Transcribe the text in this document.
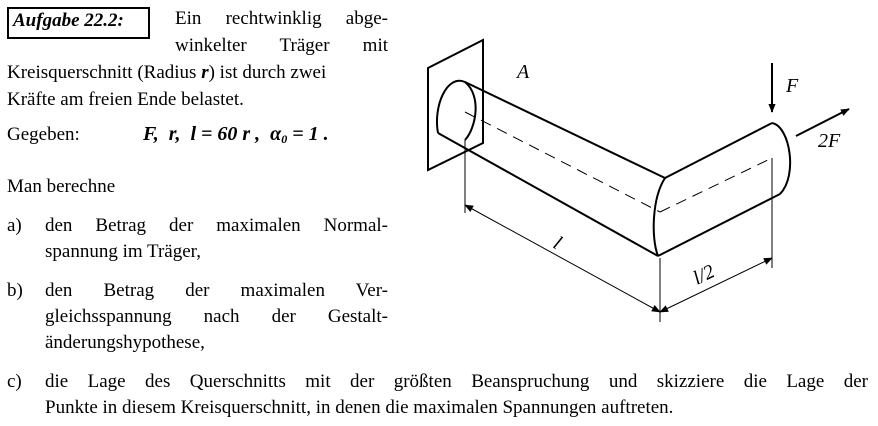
Aufgabe 22.2:	Ein rechtwinklig abge-
winkelter Träger mit
Kreisquerschnitt (Radius r) ist durch zwei
Kräfte am freien Ende belastet.
Gegeben:	F,  r,  l = 60 r ,  $\alpha_0 = 1$ .
Man berechne
a) den Betrag der maximalen Normal-
spannung im Träger,
b) den Betrag der maximalen Ver-
gleichsspannung nach der Gestalt-
änderungshypothese,
c) die Lage des Querschnitts mit der größten Beanspruchung und skizziere die Lage der
Punkte in diesem Kreisquerschnitt, in denen die maximalen Spannungen auftreten.
A
F
2F
l
l/2
